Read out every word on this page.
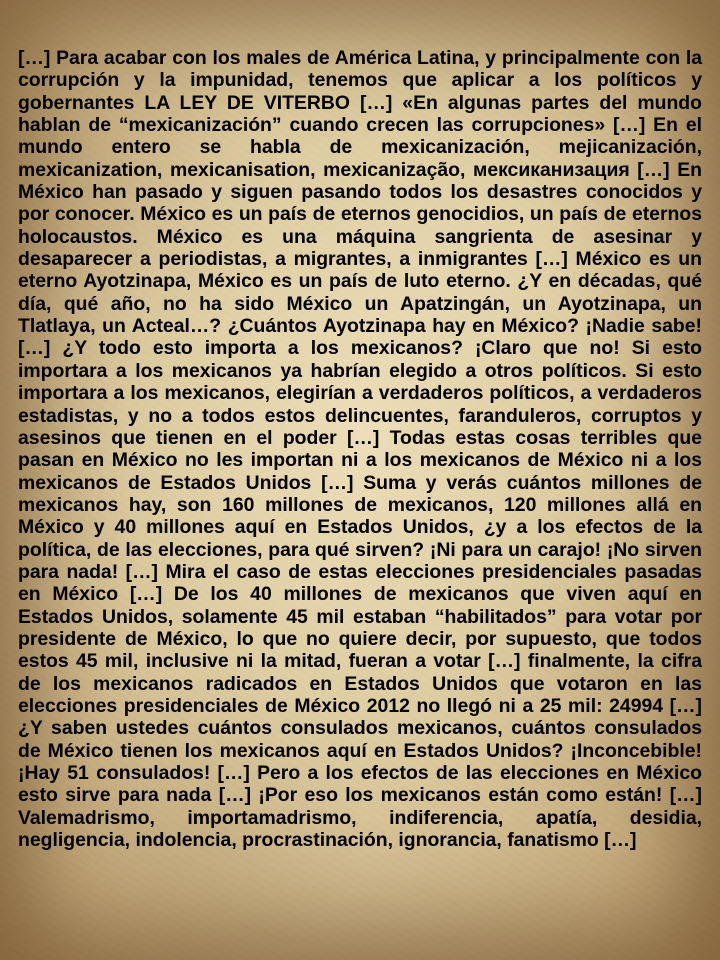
[…] Para acabar con los males de América Latina, y principalmente con la corrupción y la impunidad, tenemos que aplicar a los políticos y gobernantes LA LEY DE VITERBO […] «En algunas partes del mundo hablan de “mexicanización” cuando crecen las corrupciones» […] En el mundo entero se habla de mexicanización, mejicanización, mexicanization, mexicanisation, mexicanização, мексиканизация […] En México han pasado y siguen pasando todos los desastres conocidos y por conocer. México es un país de eternos genocidios, un país de eternos holocaustos. México es una máquina sangrienta de asesinar y desaparecer a periodistas, a migrantes, a inmigrantes […] México es un eterno Ayotzinapa, México es un país de luto eterno. ¿Y en décadas, qué día, qué año, no ha sido México un Apatzingán, un Ayotzinapa, un Tlatlaya, un Acteal…? ¿Cuántos Ayotzinapa hay en México? ¡Nadie sabe! […] ¿Y todo esto importa a los mexicanos? ¡Claro que no! Si esto importara a los mexicanos ya habrían elegido a otros políticos. Si esto importara a los mexicanos, elegirían a verdaderos políticos, a verdaderos estadistas, y no a todos estos delincuentes, faranduleros, corruptos y asesinos que tienen en el poder […] Todas estas cosas terribles que pasan en México no les importan ni a los mexicanos de México ni a los mexicanos de Estados Unidos […] Suma y verás cuántos millones de mexicanos hay, son 160 millones de mexicanos, 120 millones allá en México y 40 millones aquí en Estados Unidos, ¿y a los efectos de la política, de las elecciones, para qué sirven? ¡Ni para un carajo! ¡No sirven para nada! […] Mira el caso de estas elecciones presidenciales pasadas en México […] De los 40 millones de mexicanos que viven aquí en Estados Unidos, solamente 45 mil estaban “habilitados” para votar por presidente de México, lo que no quiere decir, por supuesto, que todos estos 45 mil, inclusive ni la mitad, fueran a votar […] finalmente, la cifra de los mexicanos radicados en Estados Unidos que votaron en las elecciones presidenciales de México 2012 no llegó ni a 25 mil: 24994 […] ¿Y saben ustedes cuántos consulados mexicanos, cuántos consulados de México tienen los mexicanos aquí en Estados Unidos? ¡Inconcebible! ¡Hay 51 consulados! […] Pero a los efectos de las elecciones en México esto sirve para nada […] ¡Por eso los mexicanos están como están! […] Valemadrismo, importamadrismo, indiferencia, apatía, desidia, negligencia, indolencia, procrastinación, ignorancia, fanatismo […]
